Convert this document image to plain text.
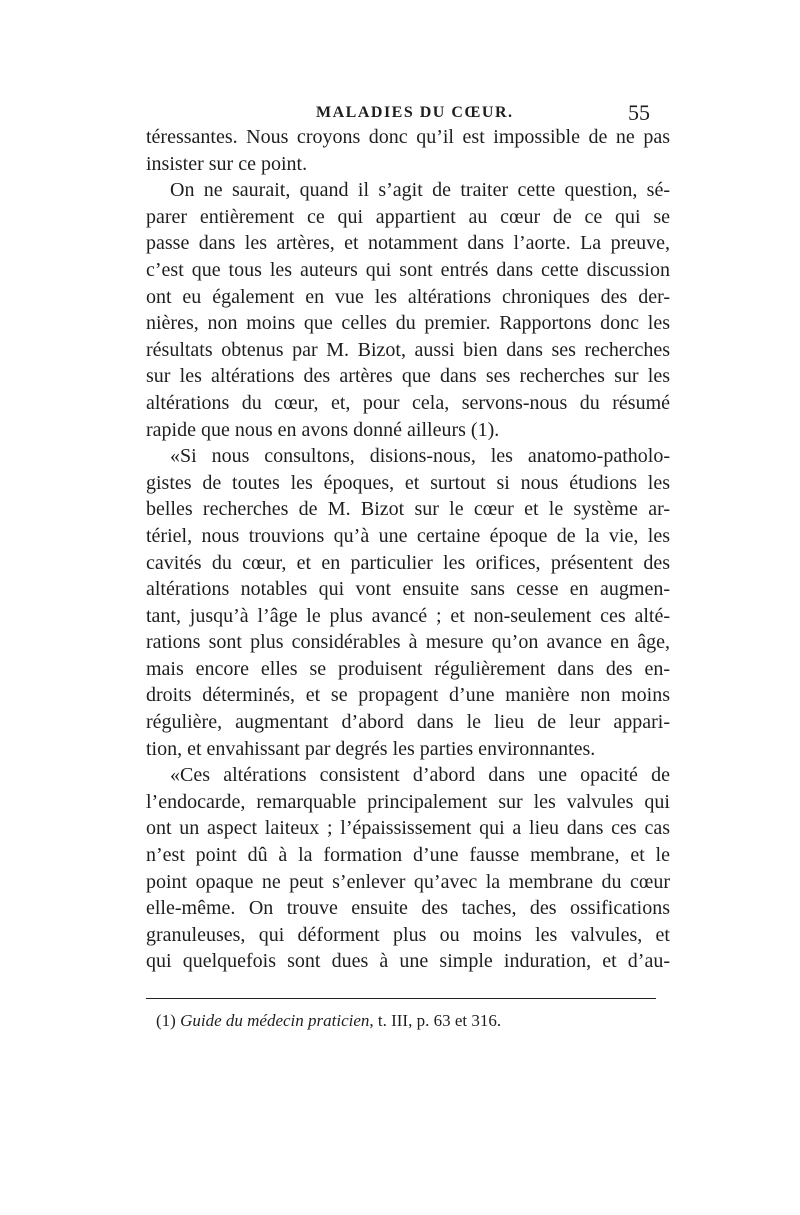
MALADIES DU CŒUR.	55
téressantes. Nous croyons donc qu’il est impossible de ne pas
insister sur ce point.
On ne saurait, quand il s’agit de traiter cette question, sé-
parer entièrement ce qui appartient au cœur de ce qui se
passe dans les artères, et notamment dans l’aorte. La preuve,
c’est que tous les auteurs qui sont entrés dans cette discussion
ont eu également en vue les altérations chroniques des der-
nières, non moins que celles du premier. Rapportons donc les
résultats obtenus par M. Bizot, aussi bien dans ses recherches
sur les altérations des artères que dans ses recherches sur les
altérations du cœur, et, pour cela, servons-nous du résumé
rapide que nous en avons donné ailleurs (1).
«Si nous consultons, disions-nous, les anatomo-patholo-
gistes de toutes les époques, et surtout si nous étudions les
belles recherches de M. Bizot sur le cœur et le système ar-
tériel, nous trouvions qu’à une certaine époque de la vie, les
cavités du cœur, et en particulier les orifices, présentent des
altérations notables qui vont ensuite sans cesse en augmen-
tant, jusqu’à l’âge le plus avancé ; et non-seulement ces alté-
rations sont plus considérables à mesure qu’on avance en âge,
mais encore elles se produisent régulièrement dans des en-
droits déterminés, et se propagent d’une manière non moins
régulière, augmentant d’abord dans le lieu de leur appari-
tion, et envahissant par degrés les parties environnantes.
«Ces altérations consistent d’abord dans une opacité de
l’endocarde, remarquable principalement sur les valvules qui
ont un aspect laiteux ; l’épaississement qui a lieu dans ces cas
n’est point dû à la formation d’une fausse membrane, et le
point opaque ne peut s’enlever qu’avec la membrane du cœur
elle-même. On trouve ensuite des taches, des ossifications
granuleuses, qui déforment plus ou moins les valvules, et
qui quelquefois sont dues à une simple induration, et d’au-
(1) Guide du médecin praticien, t. III, p. 63 et 316.
